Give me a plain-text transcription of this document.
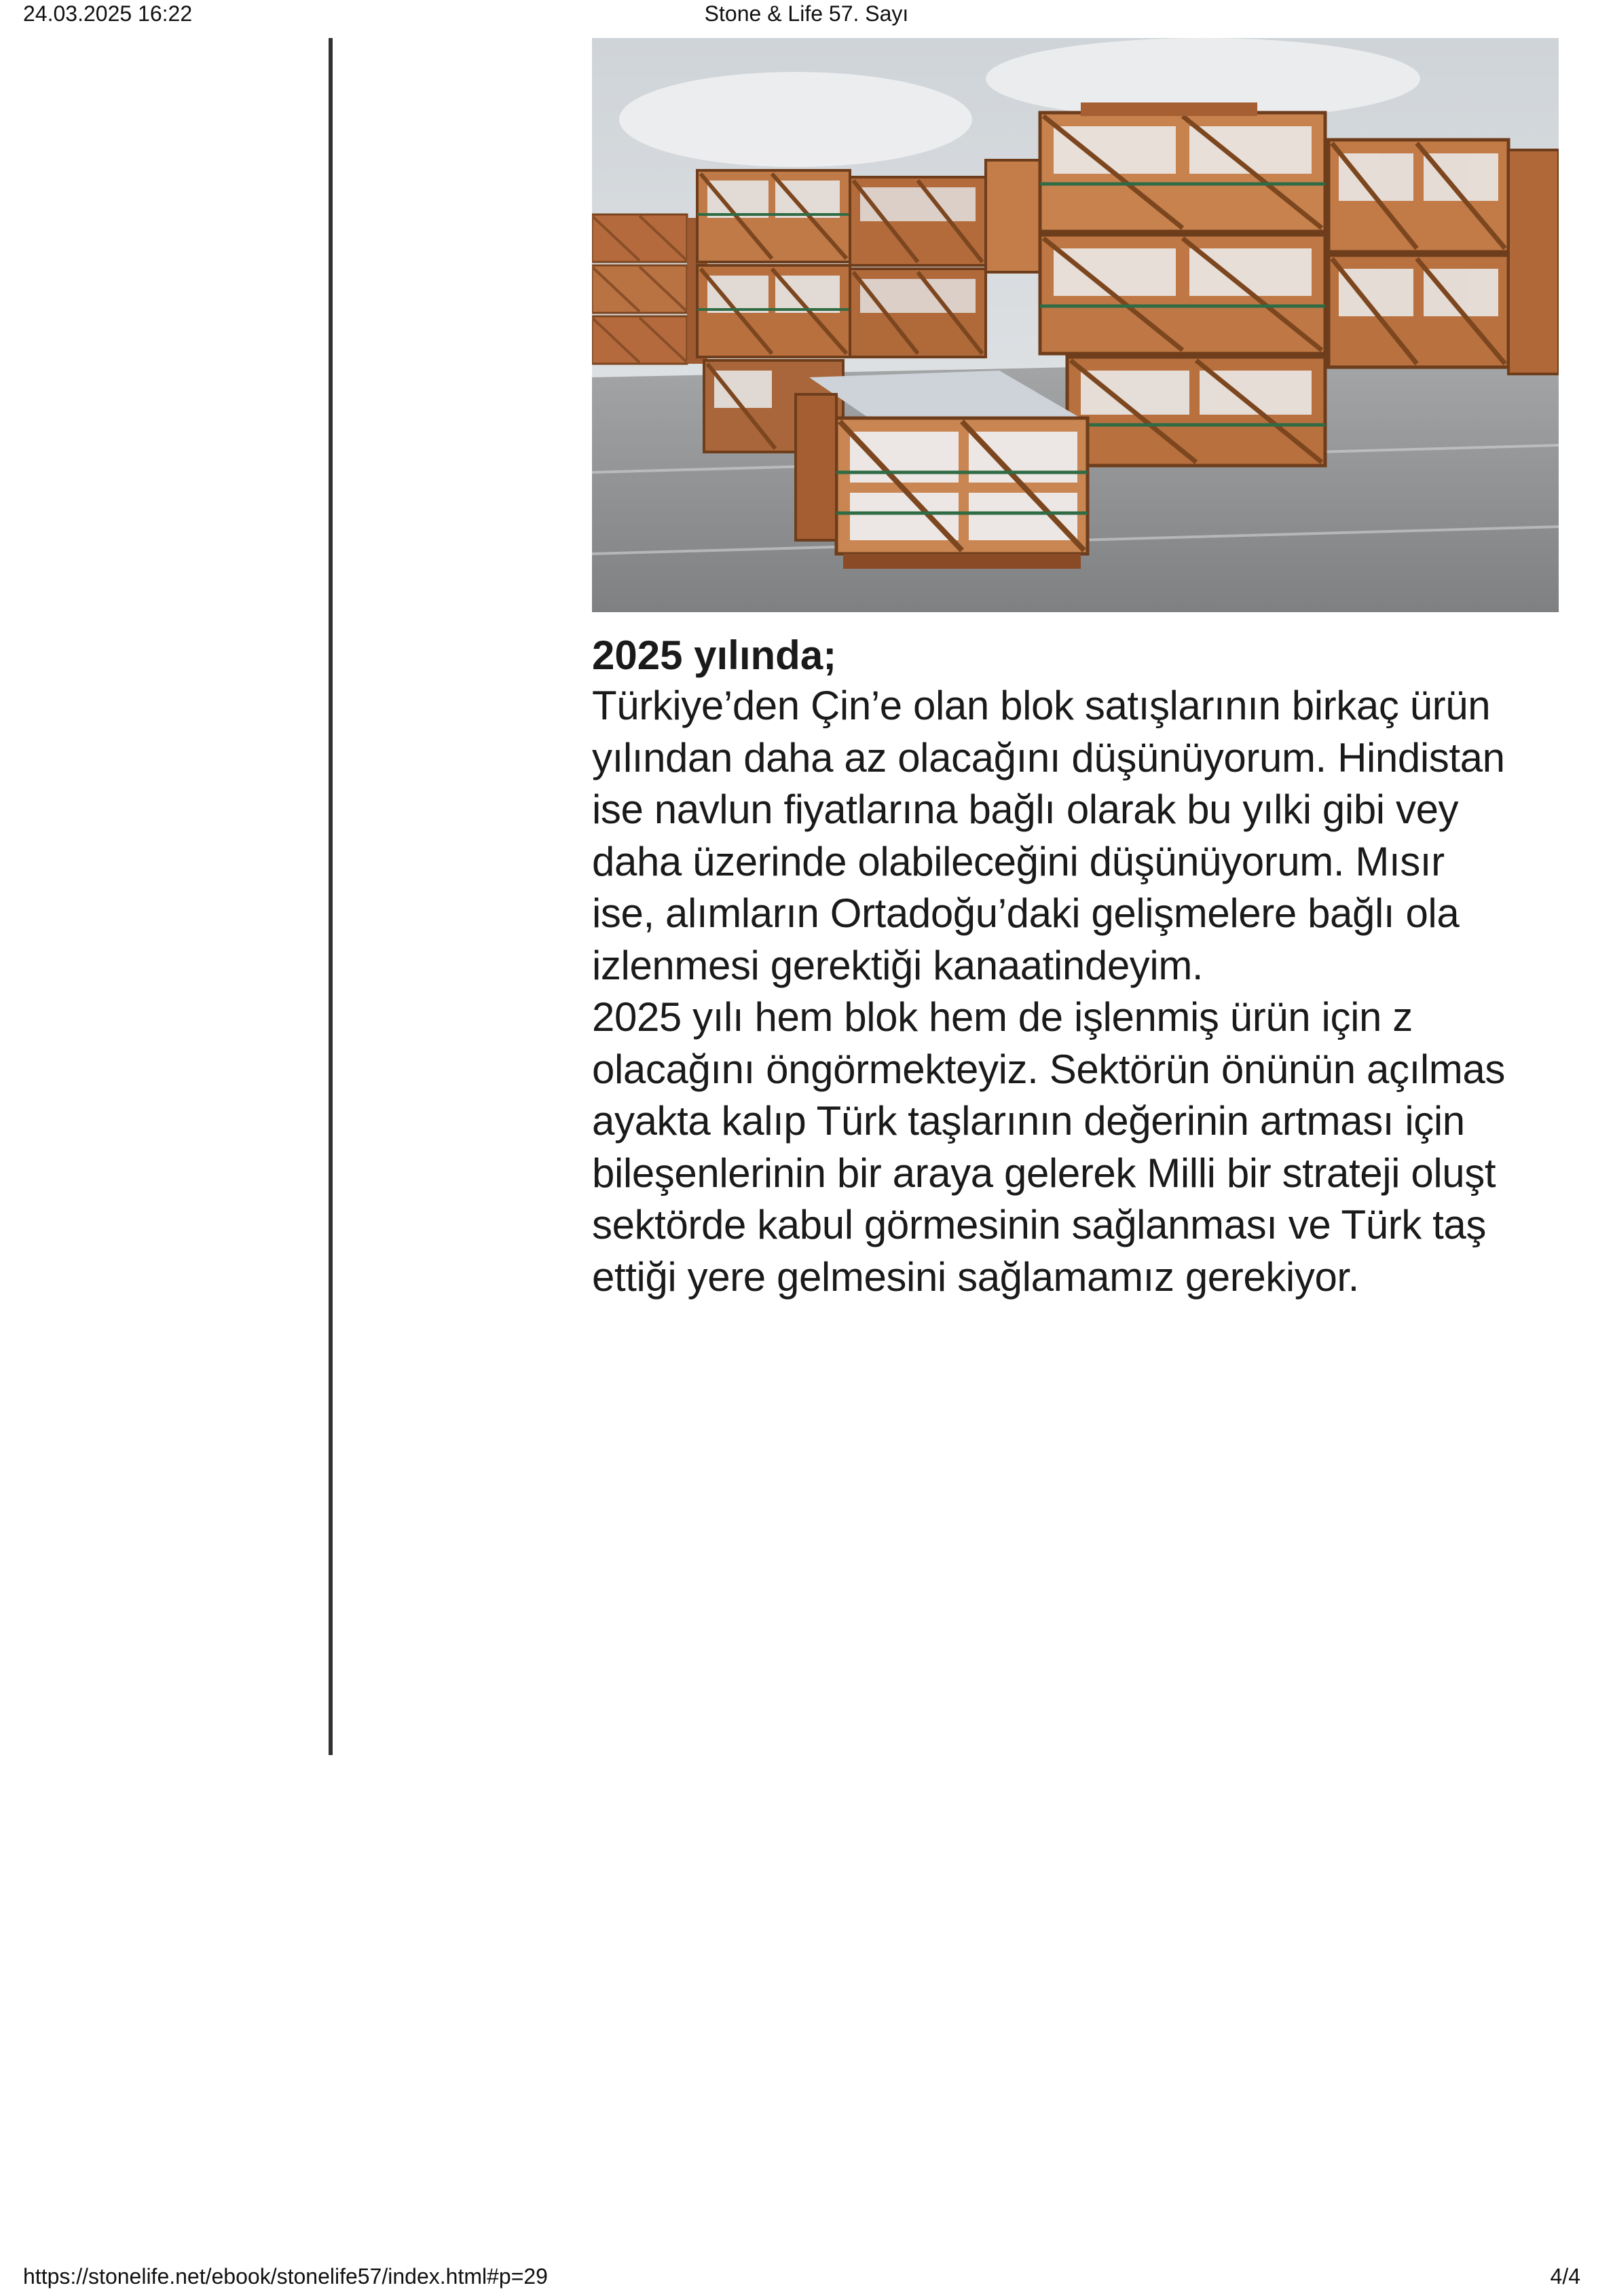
24.03.2025 16:22	Stone & Life 57. Sayı
2025 yılında;
Türkiye’den Çin’e olan blok satışlarının birkaç ürün
yılından daha az olacağını düşünüyorum. Hindistan
ise navlun fiyatlarına bağlı olarak bu yılki gibi vey
daha üzerinde olabileceğini düşünüyorum. Mısır
ise, alımların Ortadoğu’daki gelişmelere bağlı ola
izlenmesi gerektiği kanaatindeyim.
2025 yılı hem blok hem de işlenmiş ürün için z
olacağını öngörmekteyiz. Sektörün önünün açılmas
ayakta kalıp Türk taşlarının değerinin artması için
bileşenlerinin bir araya gelerek Milli bir strateji oluşt
sektörde kabul görmesinin sağlanması ve Türk taş
ettiği yere gelmesini sağlamamız gerekiyor.
https://stonelife.net/ebook/stonelife57/index.html#p=29	4/4
